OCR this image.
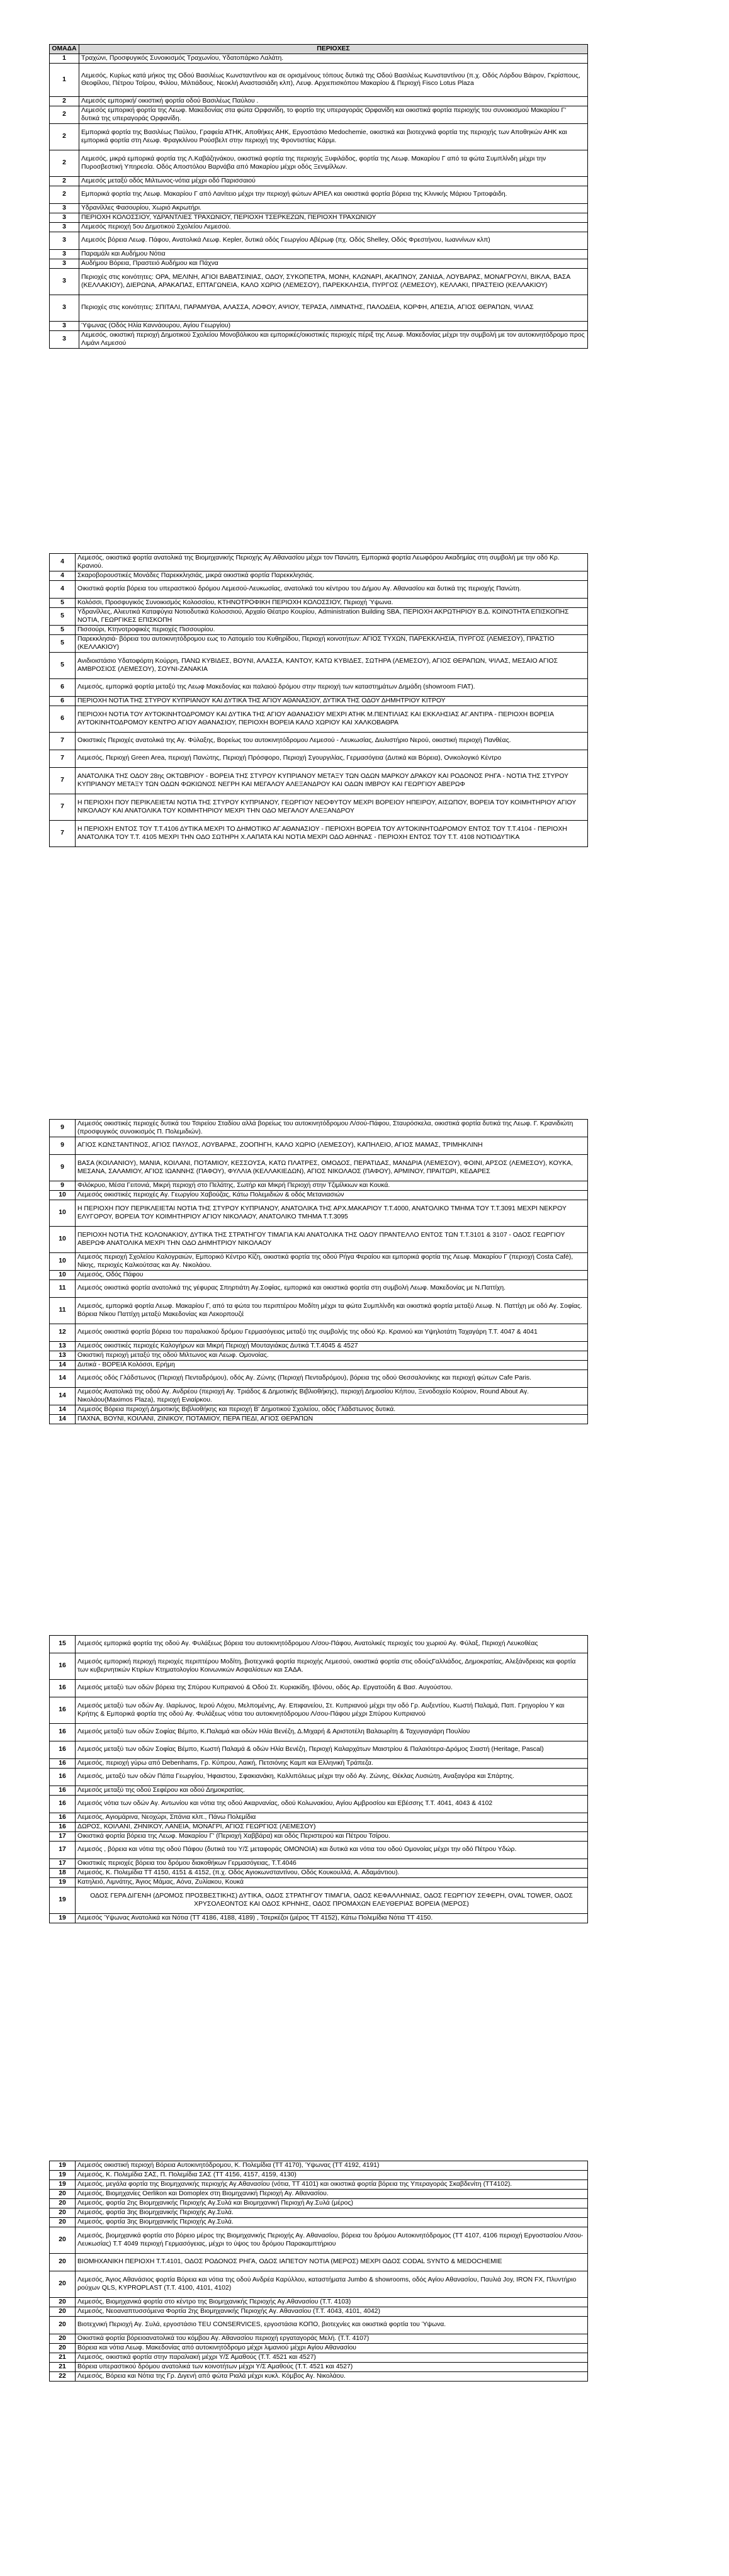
ΟΜΑΔΑ	ΠΕΡΙΟΧΕΣ
1	Τραχώνι, Προσφυγικός Συνοικισμός Τραχωνίου, Υδατοπάρκο Λαλάτη.
1	Λεμεσός, Κυρίως κατά μήκος της Οδού Βασιλέως Κωνσταντίνου και σε ορισμένους τόπους δυτικά της Οδού Βασιλέως Κωνσταντίνου (π.χ. Οδός Λόρδου Βάιρον, Γκρίσπους, Θεοφίλου, Πέτρου Τσίρου, Φιλίου, Μιλτιάδους, Νεοκλή Αναστασιάδη κλπ), Λευφ. Αρχιεπισκόπου Μακαρίου & Περιοχή Fisco Lotus Plaza
2	Λεμεσός εμπορική/ οικιστική φορτία οδού Βασιλέως Παύλου .
2	Λεμεσός εμπορική φορτία της Λεωφ. Μακεδονίας στα φώτα Ορφανίδη, το φορτίο της υπεραγοράς Ορφανίδη και οικιστικά φορτία περιοχής του συνοικισμού Μακαρίου Γ' δυτικά της υπεραγοράς Ορφανίδη.
2	Εμπορικά φορτία της Βασιλέως Παύλου, Γραφεία ΑΤΗΚ, Αποθήκες ΑΗΚ, Εργοστάσιο Medochemie, οικιστικά και βιοτεχνικά φορτία της περιοχής των Αποθηκών ΑΗΚ και εμπορικά φορτία στη Λεωφ. Φραγκλίνου Ρούσβελτ στην περιοχή της Φροντιστίας Κάρμι.
2	Λεμεσός, μικρά εμπορικά φορτία της Λ.Καβάζηνάκου, οικιστικά φορτία της περιοχής Ξυφιλάδος, φορτία της Λεωφ. Μακαρίου Γ από τα φώτα Συμπλίνδη μέχρι την Πυροσβεστική Υπηρεσία. Οδός Αποστόλου Βαρνάβα από Μακαρίου μέχρι οδός Ξενιμίλλων.
2	Λεμεσός μεταξύ οδός Μιλτωνος-νότια μέχρι οδό Παρισσαιού
2	Εμπορικά φορτία της Λεωφ. Μακαρίου Γ από Λανίτειο μέχρι την περιοχή φώτων ΑΡΙΕΛ και οικιστικά φορτία βόρεια της Κλινικής Μάριου Τριτοφάιδη.
3	Υδρανίλλες Φασουρίου, Χωριό Ακρωτήρι.
3	ΠΕΡΙΟΧΗ ΚΟΛΟΣΣΙΟΥ, ΥΔΡΑΝΤΛΙΕΣ ΤΡΑΧΩΝΙΟΥ, ΠΕΡΙΟΧΗ ΤΣΕΡΚΕΖΩΝ, ΠΕΡΙΟΧΗ ΤΡΑΧΩΝΙΟΥ
3	Λεμεσός περιοχή 5ου Δημοτικού Σχολείου Λεμεσού.
3	Λεμεσός βόρεια Λεωφ. Πάφου, Ανατολικά Λεωφ. Kepler, δυτικά οδός Γεωργίου Αβέρωφ (πχ. Οδός Shelley, Οδός Φρεστήνου, Ιωαννίνων κλπ)
3	Παραμάλι και Αυδήμου Νότια
3	Αυδήμου Βόρεια, Πραστειό Αυδήμου και Πάχνα
3	Περιοχές στις κοινότητες: ΟΡΑ, ΜΕΛΙΝΗ, ΑΓΙΟΙ ΒΑΒΑΤΣΙΝΙΑΣ, ΟΔΟΥ, ΣΥΚΟΠΕΤΡΑ, ΜΟΝΗ, ΚΛΩΝΑΡΙ, ΑΚΑΠΝΟΥ, ΖΑΝΙΔΑ, ΛΟΥΒΑΡΑΣ, ΜΟΝΑΓΡΟΥΛΙ, ΒΙΚΛΑ, ΒΑΣΑ (ΚΕΛΛΑΚΙΟΥ), ΔΙΕΡΩΝΑ, ΑΡΑΚΑΠΑΣ, ΕΠΤΑΓΩΝΕΙΑ, ΚΑΛΟ ΧΩΡΙΟ (ΛΕΜΕΣΟΥ), ΠΑΡΕΚΚΛΗΣΙΑ, ΠΥΡΓΟΣ (ΛΕΜΕΣΟΥ), ΚΕΛΛΑΚΙ, ΠΡΑΣΤΕΙΟ (ΚΕΛΛΑΚΙΟΥ)
3	Περιοχές στις κοινότητες: ΣΠΙΤΑΛΙ, ΠΑΡΑΜΥΘΑ, ΑΛΑΣΣΑ, ΛΟΦΟΥ, ΑΨΙΟΥ, ΤΕΡΑΣΑ, ΛΙΜΝΑΤΗΣ, ΠΑΛΟΔΕΙΑ, ΚΟΡΦΗ, ΑΠΕΣΙΑ, ΑΓΙΟΣ ΘΕΡΑΠΩΝ, ΨΙΛΑΣ
3	Ύψωνας (Οδός Ηλία Καννάουρου, Αγίου Γεωργίου)
3	Λεμεσός, οικιστική περιοχή Δημοτικού Σχολείου Μονοβόλικου και εμπορικές/οικιστικές περιοχές πέριξ της Λεωφ. Μακεδονίας μέχρι την συμβολή με τον αυτοκινητόδρομο προς Λιμάνι Λεμεσού
4	Λεμεσός, οικιστικά φορτία ανατολικά της Βιομηχανικής Περιοχής Αγ.Αθανασίου μέχρι τον Πανώτη, Εμπορικά φορτία Λεωφόρου Ακαδημίας στη συμβολή με την οδό Κρ. Κρανιού.
4	Σκαροβορουστικές Μονάδες Παρεκκλησιάς, μικρά οικιστικά φορτία Παρεκκλησιάς.
4	Οικιστικά φορτία βόρεια του υπεραστικού δρόμου Λεμεσού-Λευκωσίας, ανατολικά του κέντρου του Δήμου Αγ. Αθανασίου και δυτικά της περιοχής Πανώτη.
5	Κολόσσι, Προσφυγικός Συνοικισμός Κολοσσίου, ΚΤΗΝΟΤΡΟΦΙΚΗ ΠΕΡΙΟΧΗ ΚΟΛΟΣΣΙΟΥ, Περιοχή Ύψωνα.
5	Υδρανίλλες, Αλιευτικά Καταφύγια Νοτιοδυτικά Κολοσσιού, Αρχαίο Θέατρο Κουρίου, Administration Building SBA, ΠΕΡΙΟΧΗ ΑΚΡΩΤΗΡΙΟΥ Β.Δ. ΚΟΙΝΟΤΗΤΑ ΕΠΙΣΚΟΠΗΣ ΝΟΤΙΑ, ΓΕΩΡΓΙΚΕΣ ΕΠΙΣΚΟΠΗ
5	Πισσούρι, Κτηνοτροφικές περιοχές Πισσουρίου.
5	Παρεκκλησιά- βόρεια του αυτοκινητόδρομου εως το Λατομείο του Κυθηρίδου, Περιοχή κοινοτήτων: ΑΓΙΟΣ ΤΥΧΩΝ, ΠΑΡΕΚΚΛΗΣΙΑ, ΠΥΡΓΟΣ (ΛΕΜΕΣΟΥ), ΠΡΑΣΤΙΟ (ΚΕΛΛΑΚΙΟΥ)
5	Ανιδιοιστάσιο Υδατοφόρτη Κούρρη, ΠΑΝΩ ΚΥΒΙΔΕΣ, ΒΟΥΝΙ, ΑΛΑΣΣΑ, ΚΑΝΤΟΥ, ΚΑΤΩ ΚΥΒΙΔΕΣ, ΣΩΤΗΡΑ (ΛΕΜΕΣΟΥ), ΑΓΙΟΣ ΘΕΡΑΠΩΝ, ΨΙΛΑΣ, ΜΕΣΑΙΟ ΑΓΙΟΣ ΑΜΒΡΟΣΙΟΣ (ΛΕΜΕΣΟΥ), ΣΟΥΝΙ-ΖΑΝΑΚΙΑ
6	Λεμεσός, εμπορικά φορτία μεταξύ της Λεωφ Μακεδονίας και παλαιού δρόμου στην περιοχή των καταστημάτων Δημάδη (showroom FIAT).
6	ΠΕΡΙΟΧΗ ΝΟΤΙΑ ΤΗΣ ΣΤΥΡΟΥ ΚΥΠΡΙΑΝΟΥ ΚΑΙ ΔΥΤΙΚΑ ΤΗΣ ΑΓΙΟΥ ΑΘΑΝΑΣΙΟΥ, ΔΥΤΙΚΑ ΤΗΣ ΟΔΟΥ ΔΗΜΗΤΡΙΟΥ ΚΙΤΡΟΥ
6	ΠΕΡΙΟΧΗ ΝΟΤΙΑ ΤΟΥ ΑΥΤΟΚΙΝΗΤΟΔΡΟΜΟΥ ΚΑΙ ΔΥΤΙΚΑ ΤΗΣ ΑΓΙΟΥ ΑΘΑΝΑΣΙΟΥ ΜΕΧΡΙ ΑΤΗΚ Μ.ΠΕΝΤΙΛΙΑΣ ΚΑΙ ΕΚΚΛΗΣΙΑΣ ΑΓ.ΑΝΤΙΡΑ - ΠΕΡΙΟΧΗ ΒΟΡΕΙΑ ΑΥΤΟΚΙΝΗΤΟΔΡΟΜΟΥ ΚΕΝΤΡΟ ΑΓΙΟΥ ΑΘΑΝΑΣΙΟΥ, ΠΕΡΙΟΧΗ ΒΟΡΕΙΑ ΚΑΛΟ ΧΩΡΙΟΥ ΚΑΙ ΧΑΛΚΟΒΑΘΡΑ
7	Οικιστικές Περιοχές ανατολικά της Αγ. Φύλαξης, Βορείως του αυτοκινητόδρομου Λεμεσού - Λευκωσίας, Διυλιστήριο Νερού, οικιστική περιοχή Πανθέας.
7	Λεμεσός, Περιοχή Green Area, περιοχή Πανώτης, Περιοχή Πρόσφορο, Περιοχή Σγουργιλίας, Γερμασόγεια (Δυτικά και Βόρεια), Ονικολογικό Κέντρο
7	ΑΝΑΤΟΛΙΚΑ ΤΗΣ ΟΔΟΥ 28ης ΟΚΤΩΒΡΙΟΥ - ΒΟΡΕΙΑ ΤΗΣ ΣΤΥΡΟΥ ΚΥΠΡΙΑΝΟΥ ΜΕΤΑΞΥ ΤΩΝ ΟΔΩΝ ΜΑΡΚΟΥ ΔΡΑΚΟΥ ΚΑΙ ΡΟΔΟΝΟΣ ΡΗΓΑ - ΝΟΤΙΑ ΤΗΣ ΣΤΥΡΟΥ ΚΥΠΡΙΑΝΟΥ ΜΕΤΑΞΥ ΤΩΝ ΟΔΩΝ ΦΩΚΙΩΝΟΣ ΝΕΓΡΗ ΚΑΙ ΜΕΓΑΛΟΥ ΑΛΕΞΑΝΔΡΟΥ ΚΑΙ ΟΔΩΝ ΙΜΒΡΟΥ ΚΑΙ ΓΕΩΡΓΙΟΥ ΑΒΕΡΩΦ
7	Η ΠΕΡΙΟΧΗ ΠΟΥ ΠΕΡΙΚΛΕΙΕΤΑΙ ΝΟΤΙΑ ΤΗΣ ΣΤΥΡΟΥ ΚΥΠΡΙΑΝΟΥ, ΓΕΩΡΓΙΟΥ ΝΕΟΦΥΤΟΥ ΜΕΧΡΙ ΒΟΡΕΙΟΥ ΗΠΕΙΡΟΥ, ΑΙΣΩΠΟΥ, ΒΟΡΕΙΑ ΤΟΥ ΚΟΙΜΗΤΗΡΙΟΥ ΑΓΙΟΥ ΝΙΚΟΛΑΟΥ ΚΑΙ ΑΝΑΤΟΛΙΚΑ ΤΟΥ ΚΟΙΜΗΤΗΡΙΟΥ ΜΕΧΡΙ ΤΗΝ ΟΔΟ ΜΕΓΑΛΟΥ ΑΛΕΞΑΝΔΡΟΥ
7	Η ΠΕΡΙΟΧΗ ΕΝΤΟΣ ΤΟΥ Τ.Τ.4106 ΔΥΤΙΚΑ ΜΕΧΡΙ ΤΟ ΔΗΜΟΤΙΚΟ ΑΓ.ΑΘΑΝΑΣΙΟΥ - ΠΕΡΙΟΧΗ ΒΟΡΕΙΑ ΤΟΥ ΑΥΤΟΚΙΝΗΤΟΔΡΟΜΟΥ ΕΝΤΟΣ ΤΟΥ Τ.Τ.4104 - ΠΕΡΙΟΧΗ ΑΝΑΤΟΛΙΚΑ ΤΟΥ Τ.Τ. 4105 ΜΕΧΡΙ ΤΗΝ ΟΔΟ ΣΩΤΗΡΗ Χ.ΛΑΠΑΤΑ ΚΑΙ ΝΟΤΙΑ ΜΕΧΡΙ ΟΔΟ ΑΘΗΝΑΣ - ΠΕΡΙΟΧΗ ΕΝΤΟΣ ΤΟΥ Τ.Τ. 4108 ΝΟΤΙΟΔΥΤΙΚΑ
9	Λεμεσός οικιστικές περιοχές δυτικά του Τσιρείου Σταδίου αλλά βορείως του αυτοκινητόδρομου Λ/σού-Πάφου, Σταυρόσκελα, οικιστικά φορτία δυτικά της Λεωφ. Γ. Κρανιδιώτη (προσφυγικός συνοικισμός Π. Πολεμιδιών).
9	ΑΓΙΟΣ ΚΩΝΣΤΑΝΤΙΝΟΣ, ΑΓΙΟΣ ΠΑΥΛΟΣ, ΛΟΥΒΑΡΑΣ, ΖΟΟΠΗΓΗ, ΚΑΛΟ ΧΩΡΙΟ (ΛΕΜΕΣΟΥ), ΚΑΠΗΛΕΙΟ, ΑΓΙΟΣ ΜΑΜΑΣ, ΤΡΙΜΗΚΛΙΝΗ
9	ΒΑΣΑ (ΚΟΙΛΑΝΙΟΥ), ΜΑΝΙΑ, ΚΟΙΛΑΝΙ, ΠΟΤΑΜΙΟΥ, ΚΕΣΣΟΥΣΑ, ΚΑΤΩ ΠΛΑΤΡΕΣ, ΟΜΟΔΟΣ, ΠΕΡΑΤΙΔΑΣ, ΜΑΝΔΡΙΑ (ΛΕΜΕΣΟΥ), ΦΟΙΝΙ, ΑΡΣΟΣ (ΛΕΜΕΣΟΥ), ΚΟΥΚΑ, ΜΕΣΑΝΑ, ΣΑΛΑΜΙΟΥ, ΑΓΙΟΣ ΙΩΑΝΝΗΣ (ΠΑΦΟΥ), ΦΥΛΛΙΑ (ΚΕΛΛΑΚΙΕΔΩΝ), ΑΓΙΟΣ ΝΙΚΟΛΑΟΣ (ΠΑΦΟΥ), ΑΡΜΙΝΟΥ, ΠΡΑΙΤΩΡΙ, ΚΕΔΑΡΕΣ
9	Φιλόκρυο, Μέσα Γειτονιά, Μικρή περιοχή στο Πελάτης, Σωτήρ και Μικρή Περιοχή στην Τζιμίλκιων και Κουκά.
10	Λεμεσός οικιστικές περιοχές Αγ. Γεωργίου Χαβούζας, Κάτω Πολεμιδιών & οδός Μετανιασιών
10	Η ΠΕΡΙΟΧΗ ΠΟΥ ΠΕΡΙΚΛΕΙΕΤΑΙ ΝΟΤΙΑ ΤΗΣ ΣΤΥΡΟΥ ΚΥΠΡΙΑΝΟΥ, ΑΝΑΤΟΛΙΚΑ ΤΗΣ ΑΡΧ.ΜΑΚΑΡΙΟΥ Τ.Τ.4000, ΑΝΑΤΟΛΙΚΟ ΤΜΗΜΑ ΤΟΥ Τ.Τ.3091 ΜΕΧΡΙ ΝΕΚΡΟΥ ΕΛΥΓΟΡΟΥ, ΒΟΡΕΙΑ ΤΟΥ ΚΟΙΜΗΤΗΡΙΟΥ ΑΓΙΟΥ ΝΙΚΟΛΑΟΥ, ΑΝΑΤΟΛΙΚΟ ΤΜΗΜΑ Τ.Τ.3095
10	ΠΕΡΙΟΧΗ ΝΟΤΙΑ ΤΗΣ ΚΟΛΟΝΑΚΙΟΥ, ΔΥΤΙΚΑ ΤΗΣ ΣΤΡΑΤΗΓΟΥ ΤΙΜΑΓΙΑ ΚΑΙ ΑΝΑΤΟΛΙΚΑ ΤΗΣ ΟΔΟΥ ΠΡΑΝΤΕΛΛΟ ΕΝΤΟΣ ΤΩΝ Τ.Τ.3101 & 3107 - ΟΔΟΣ ΓΕΩΡΓΙΟΥ ΑΒΕΡΩΦ ΑΝΑΤΟΛΙΚΑ ΜΕΧΡΙ ΤΗΝ ΟΔΟ ΔΗΜΗΤΡΙΟΥ ΝΙΚΟΛΑΟΥ
10	Λεμεσός περιοχή Σχολείου Καλογραιών, Εμπορικό Κέντρο Κίζη, οικιστικά φορτία της οδού Ρήγα Φεραίου και εμπορικά φορτία της Λεωφ. Μακαρίου Γ (περιοχή Costa Café), Νίκης, περιοχές Καλκούτσας και Αγ. Νικολάου.
10	Λεμεσός, Οδός Πάφου
11	Λεμεσός οικιστικά φορτία ανατολικά της γέφυρας Σπηρτιάτη Αγ.Σοφίας, εμπορικά και οικιστικά φορτία στη συμβολή Λεωφ. Μακεδονίας με Ν.Παττίχη.
11	Λεμεσός, εμπορικά φορτία Λεωφ. Μακαρίου Γ, από τα φώτα του περιπτέρου Μοδίτη μέχρι τα φώτα Συμπλίνδη και οικιστικά φορτία μεταξύ Λεωφ. Ν. Παττίχη με οδό Αγ. Σοφίας. Βόρεια Νίκου Παττίχη μεταξύ Μακεδονίας και Λεκορπουζέ
12	Λεμεσός οικιστικά φορτία βόρεια του παραλιακού δρόμου Γερμασόγειας μεταξύ της συμβολής της οδού Κρ. Κρανιού και Υψηλοτάτη Ταχαγάρη Τ.Τ. 4047 & 4041
13	Λεμεσός οικιστικές περιοχές Καλογήρων και Μικρή Περιοχή Μουταγιάκας Δυτικά Τ.Τ.4045 & 4527
13	Οικιστική περιοχή μεταξύ της οδού Μιλτωνος και Λεωφ. Ομονοίας.
14	Δυτικά - ΒΟΡΕΙΑ Κολόσσι, Ερήμη
14	Λεμεσός οδός Γλάδστωνος (Περιοχή Πενταδρόμου), οδός Αγ. Ζώνης (Περιοχή Πενταδρόμου), βόρεια της οδού Θεσσαλονίκης και περιοχή φώτων Cafe Paris.
14	Λεμεσός Ανατολικά της οδού Αγ. Ανδρέου (περιοχή Αγ. Τριάδος & Δημοτικής Βιβλιοθήκης), περιοχή Δημοσίου Κήπου, Ξενοδοχείο Κούριον, Round About Αγ. Νικολάου(Maximos Plaza), περιοχή Ενιαίρκου.
14	Λεμεσός Βόρεια περιοχή Δημοτικής Βιβλιοθήκης και περιοχή Β' Δημοτικού Σχολείου, οδός Γλάδστωνος δυτικά.
14	ΠΑΧΝΑ, ΒΟΥΝΙ, ΚΟΙΛΑΝΙ, ΖΙΝΙΚΟΥ, ΠΟΤΑΜΙΟΥ, ΠΕΡΑ ΠΕΔΙ, ΑΓΙΟΣ ΘΕΡΑΠΩΝ
15	Λεμεσός εμπορικά φορτία της οδού Αγ. Φυλάξεως βόρεια του αυτοκινητόδρομου Λ/σου-Πάφου, Ανατολικές περιοχές του χωριού Αγ. Φύλαξ, Περιοχή Λευκοθέας
16	Λεμεσός εμπορική περιοχή περιοχές περιπτέρου Μοδίτη, βιοτεχνικά φορτία περιοχής Λεμεσού, οικιστικά φορτία στις οδούςΓαλλιάδος, Δημοκρατίας, Αλεξάνδρειας και φορτία των κυβερνητικών Κτιρίων Κτηματολογίου Κοινωνικών Ασφαλίσεων και ΣΑΔΑ.
16	Λεμεσός μεταξύ των οδών βόρεια της Σπύρου Κυπριανού & Οδού Στ. Κυριακίδη, Ιβόνου, οδός Αρ. Εργατούδη & Βασ. Αυγούστου.
16	Λεμεσός μεταξύ των οδών Αγ. Ιλαρίωνος, Ιερού Λόχου, Μελπομένης, Αγ. Επιφανείου, Στ. Κυπριανού μέχρι την οδό Γρ. Αυξεντίου, Κωστή Παλαμά, Παπ. Γρηγορίου Υ και Κρήτης & Εμπορικά φορτία της οδού Αγ. Φυλάξεως νότια του αυτοκινητόδρομου Λ/σου-Πάφου μέχρι Σπύρου Κυπριανού
16	Λεμεσός μεταξύ των οδών Σοφίας Βέμπο, Κ.Παλαμά και οδών Ηλία Βενέζη, Δ.Μιχαρή & Αριστοτέλη Βαλαωρίτη & Ταχυγιαγιάρη Πουλίου
16	Λεμεσός μεταξύ των οδών Σοφίας Βέμπο, Κωστή Παλαμά & οδών Ηλία Βενέζη, Περιοχή Καλαρχάτων Μαιστρίου & Παλαιότερα-Δρόμος Σιαστή (Heritage, Pascal)
16	Λεμεσός, περιοχή γύρω από Debenhams, Γρ. Κύπρου, Λαική, Πετσιόνης Καμπ και Ελληνική Τράπεζα.
16	Λεμεσός, μεταξύ των οδών Πάπα Γεωργίου, Ήφαιστου, Σφακιανάκη, Καλλιπόλεως μέχρι την οδό Αγ. Ζώνης, Θέκλας Λυσιώτη, Αναξαγόρα και Σπάρτης.
16	Λεμεσός μεταξύ της οδού Σεφέρου και οδού Δημοκρατίας.
16	Λεμεσός νότια των οδών Αγ. Αντωνίου και νότια της οδού Ακαρνανίας, οδού Κολωνακίου, Αγίου Αμβροσίου και Εβέσσης Τ.Τ. 4041, 4043 & 4102
16	Λεμεσός, Αγιομάρινα, Νεοχώρι, Σπάνια κλπ., Πάνω Πολεμίδια
16	ΔΩΡΟΣ, ΚΟΙΛΑΝΙ, ΖΗΝΙΚΟΥ, ΛΑΝΕΙΑ, ΜΟΝΑΓΡΙ, ΑΓΙΟΣ ΓΕΩΡΓΙΟΣ (ΛΕΜΕΣΟΥ)
17	Οικιστικά φορτία βόρεια της Λεωφ. Μακαρίου Γ' (Περιοχή Χαββάρα) και οδός Περιστερού και Πέτρου Τσίρου.
17	Λεμεσός , βόρεια και νότια της οδού Πάφου (δυτικά του Υ/Σ μεταφοράς ΟΜΟΝΟΙΑ) και δυτικά και νότια του οδού Ομονοίας μέχρι την οδό Πέτρου Υδώρ.
17	Οικιστικές περιοχές βόρεια του δρόμου διακοθήκων Γερμασόγειας, Τ.Τ.4046
18	Λεμεσός, Κ. Πολεμίδια ΤΤ 4150, 4151 & 4152, (π.χ. Οδός Αγιοκωνσταντίνου, Οδός Κουκουλλά, Α. Αδαμάντιου).
19	Κατηλειό, Λιμνάτης, Άγιος Μάμας, Αόνα, Ζυλίακου, Κουκά
19	ΟΔΟΣ ΓΕΡΑ ΔΙΓΕΝΗ (ΔΡΟΜΟΣ ΠΡΟΣΒΕΣΤΙΚΗΣ) ΔΥΤΙΚΑ, ΟΔΟΣ ΣΤΡΑΤΗΓΟΥ ΤΙΜΑΓΙΑ, ΟΔΟΣ ΚΕΦΑΛΛΗΝΙΑΣ, ΟΔΟΣ ΓΕΩΡΓΙΟΥ ΣΕΦΕΡΗ, OVAL TOWER, ΟΔΟΣ ΧΡΥΣΟΛΕΟΝΤΟΣ ΚΑΙ ΟΔΟΣ ΚΡΗΝΗΣ, ΟΔΟΣ ΠΡΟΜΑΧΩΝ ΕΛΕΥΘΕΡΙΑΣ ΒΟΡΕΙΑ (ΜΕΡΟΣ)
19	Λεμεσός Ύψωνας Ανατολικά και Νότια (ΤΤ 4186, 4188, 4189) , Τσερκέζοι (μέρος ΤΤ 4152), Κάτω Πολεμίδια Νότια ΤΤ 4150.
19	Λεμεσός οικιστική περιοχή Βόρεια Αυτοκινητόδρομου, Κ. Πολεμίδια (ΤΤ 4170), Ύψωνας (ΤΤ 4192, 4191)
19	Λεμεσός, Κ. Πολεμίδια ΣΑΣ, Π. Πολεμίδια ΣΑΣ (ΤΤ 4156, 4157, 4159, 4130)
19	Λεμεσός, μεγάλα φορτία της Βιομηχανικής περιοχής Αγ.Αθανασίου (νότια, ΤΤ 4101) και οικιστικά φορτία βόρεια της Υπεραγοράς Σκαβδενίτη (ΤΤ4102).
20	Λεμεσός, Βιομηχανίες Oerlikon και Domoplex στη Βιομηχανική Περιοχή Αγ. Αθανασίου.
20	Λεμεσός, φορτία 2ης Βιομηχανικής Περιοχής Αγ.Συλά και Βιομηχανική Περιοχή Αγ.Συλά (μέρος)
20	Λεμεσός, φορτία 3ης Βιομηχανικής Περιοχής Αγ.Συλά.
20	Λεμεσός, φορτία 3ης Βιομηχανικής Περιοχής Αγ.Συλά.
20	Λεμεσός, βιομηχανικά φορτία στο βόρειο μέρος της Βιομηχανικής Περιοχής Αγ. Αθανασίου, βόρεια του δρόμου Αυτοκινητόδρομος (ΤΤ 4107, 4106 περιοχή Εργοστασίου Λ/σου-Λευκωσίας) Τ.Τ 4049 περιοχή Γερμασόγειας, μέχρι το ύψος του δρόμου Παρακαμπτήριου
20	ΒΙΟΜΗΧΑΝΙΚΗ ΠΕΡΙΟΧΗ Τ.Τ.4101, ΟΔΟΣ ΡΟΔΟΝΟΣ ΡΗΓΑ, ΟΔΟΣ ΙΑΠΕΤΟΥ ΝΟΤΙΑ (ΜΕΡΟΣ) ΜΕΧΡΙ ΟΔΟΣ CODAL SYNTO & MEDOCHEMIE
20	Λεμεσός, Άγιος Αθανάσιος φορτία Βόρεια και νότια της οδού Ανδρέα Καρύλλου, καταστήματα Jumbo & showrooms, οδός Αγίου Αθανασίου, Παυλιά Joy, IRON FX, Πλυντήριο ρούχων QLS, KYPROPLAST (Τ.Τ. 4100, 4101, 4102)
20	Λεμεσός, Βιομηχανικά φορτία στο κέντρο της Βιομηχανικής Περιοχής Αγ.Αθανασίου (Τ.Τ. 4103)
20	Λεμεσός, Νεοαναπτυσσόμενα Φορτία 2ης Βιομηχανικής Περιοχής Αγ. Αθανασίου (Τ.Τ. 4043, 4101, 4042)
20	Βιοτεχνική Περιοχή Αγ. Συλά, εργοστάσιο ΤΕU CONSERVICES, εργοστάσια ΚΟΠΟ, βιοτεχνίες και οικιστικά φορτία του Ύψωνα.
20	Οικιστικά φορτία βόρειοανατολικά του κόμβου Αγ. Αθανασίου περιοχή εργαταγοράς Μελή. (Τ.Τ. 4107)
20	Βόρεια και νότια Λεωφ. Μακεδονίας από αυτοκινητόδρομο μέχρι λιμανιού μέχρι Αγίου Αθανασίου
21	Λεμεσός, οικιστικά φορτία στην παραλιακή μέχρι Υ/Σ Αμαθούς (Τ.Τ. 4521 και 4527)
21	Βόρεια υπεραστικού δρόμου ανατολικά των κοινοτήτων μέχρι Υ/Σ Αμαθούς (Τ.Τ. 4521 και 4527)
22	Λεμεσός, Βόρεια και Νότια της Γρ. Διγενή από φώτα Ριαλά μέχρι κυκλ. Κόμβος Αγ. Νικολάου.
